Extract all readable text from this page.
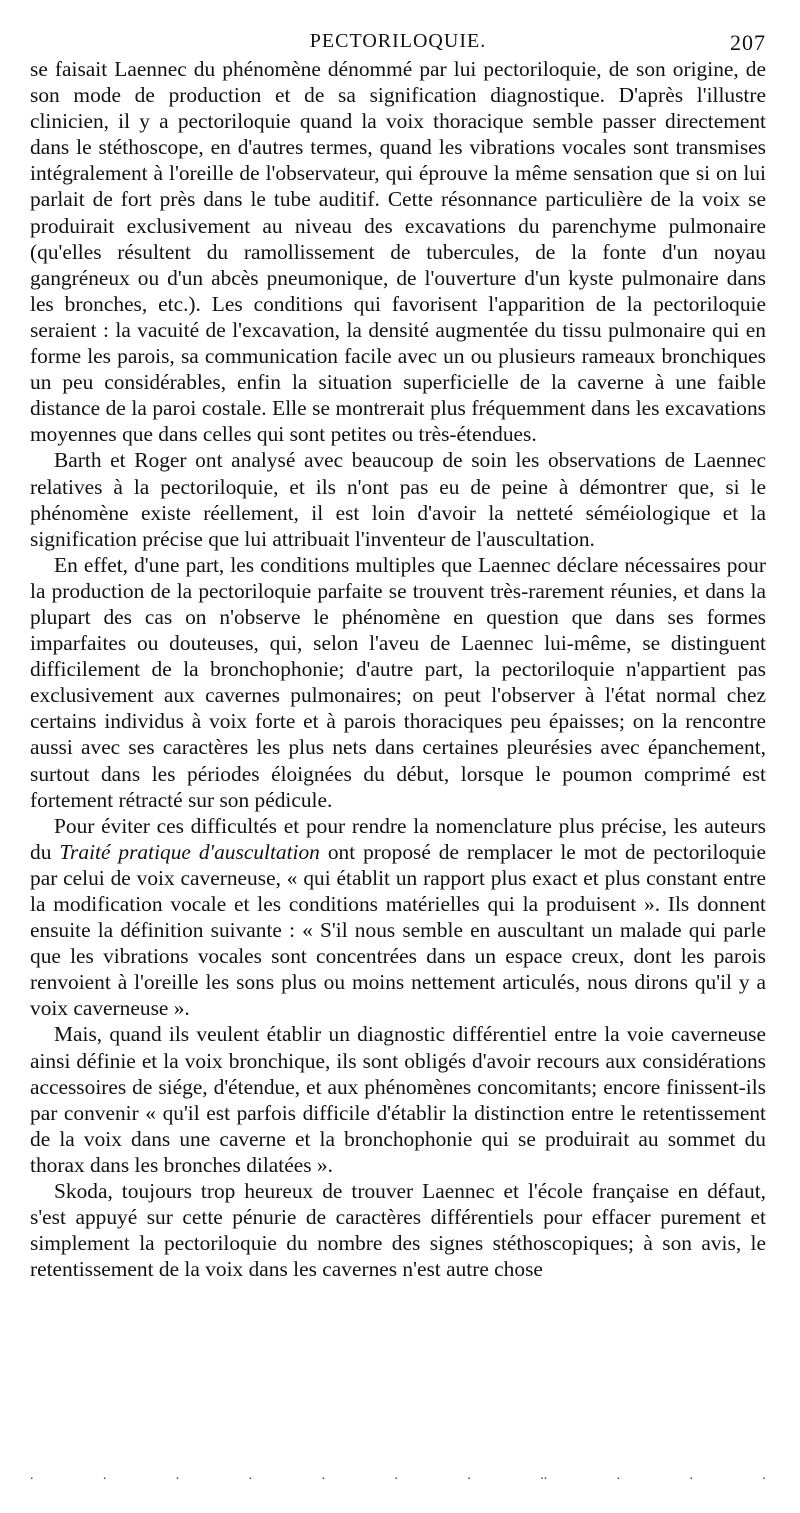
PECTORILOQUIE.	207

se faisait Laennec du phénomène dénommé par lui pectoriloquie, de son origine, de son mode de production et de sa signification diagnostique. D'après l'illustre clinicien, il y a pectoriloquie quand la voix thoracique semble passer directement dans le stéthoscope, en d'autres termes, quand les vibrations vocales sont transmises intégralement à l'oreille de l'observateur, qui éprouve la même sensation que si on lui parlait de fort près dans le tube auditif. Cette résonnance particulière de la voix se produirait exclusivement au niveau des excavations du parenchyme pulmonaire (qu'elles résultent du ramollissement de tubercules, de la fonte d'un noyau gangréneux ou d'un abcès pneumonique, de l'ouverture d'un kyste pulmonaire dans les bronches, etc.). Les conditions qui favorisent l'apparition de la pectoriloquie seraient : la vacuité de l'excavation, la densité augmentée du tissu pulmonaire qui en forme les parois, sa communication facile avec un ou plusieurs rameaux bronchiques un peu considérables, enfin la situation superficielle de la caverne à une faible distance de la paroi costale. Elle se montrerait plus fréquemment dans les excavations moyennes que dans celles qui sont petites ou très-étendues.

Barth et Roger ont analysé avec beaucoup de soin les observations de Laennec relatives à la pectoriloquie, et ils n'ont pas eu de peine à démontrer que, si le phénomène existe réellement, il est loin d'avoir la netteté séméiologique et la signification précise que lui attribuait l'inventeur de l'auscultation.

En effet, d'une part, les conditions multiples que Laennec déclare nécessaires pour la production de la pectoriloquie parfaite se trouvent très-rarement réunies, et dans la plupart des cas on n'observe le phénomène en question que dans ses formes imparfaites ou douteuses, qui, selon l'aveu de Laennec lui-même, se distinguent difficilement de la bronchophonie; d'autre part, la pectoriloquie n'appartient pas exclusivement aux cavernes pulmonaires; on peut l'observer à l'état normal chez certains individus à voix forte et à parois thoraciques peu épaisses; on la rencontre aussi avec ses caractères les plus nets dans certaines pleurésies avec épanchement, surtout dans les périodes éloignées du début, lorsque le poumon comprimé est fortement rétracté sur son pédicule.

Pour éviter ces difficultés et pour rendre la nomenclature plus précise, les auteurs du Traité pratique d'auscultation ont proposé de remplacer le mot de pectoriloquie par celui de voix caverneuse, « qui établit un rapport plus exact et plus constant entre la modification vocale et les conditions matérielles qui la produisent ». Ils donnent ensuite la définition suivante : « S'il nous semble en auscultant un malade qui parle que les vibrations vocales sont concentrées dans un espace creux, dont les parois renvoient à l'oreille les sons plus ou moins nettement articulés, nous dirons qu'il y a voix caverneuse ».

Mais, quand ils veulent établir un diagnostic différentiel entre la voie caverneuse ainsi définie et la voix bronchique, ils sont obligés d'avoir recours aux considérations accessoires de siége, d'étendue, et aux phénomènes concomitants; encore finissent-ils par convenir « qu'il est parfois difficile d'établir la distinction entre le retentissement de la voix dans une caverne et la bronchophonie qui se produirait au sommet du thorax dans les bronches dilatées ».

Skoda, toujours trop heureux de trouver Laennec et l'école française en défaut, s'est appuyé sur cette pénurie de caractères différentiels pour effacer purement et simplement la pectoriloquie du nombre des signes stéthoscopiques; à son avis, le retentissement de la voix dans les cavernes n'est autre chose

.	.	.	.	.	.	.	..	.	.	.
